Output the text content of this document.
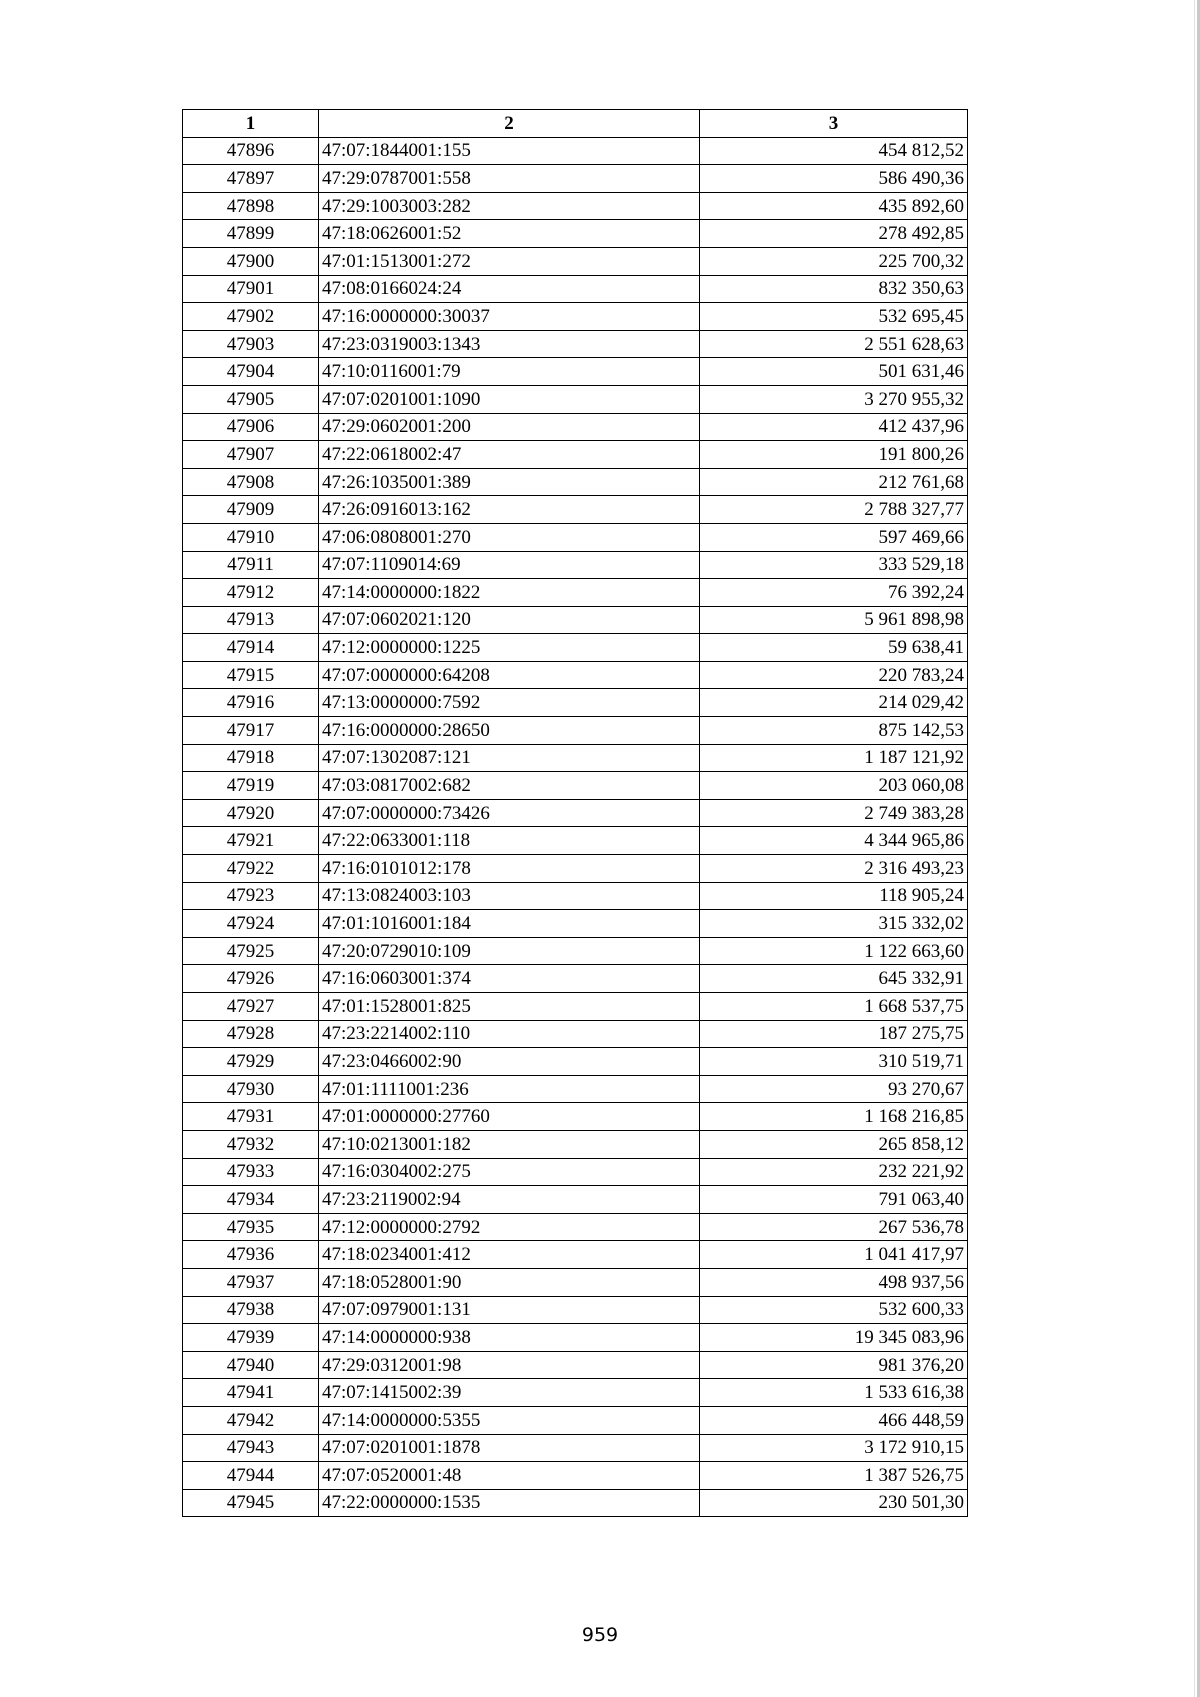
1	2	3
47896	47:07:1844001:155	454 812,52
47897	47:29:0787001:558	586 490,36
47898	47:29:1003003:282	435 892,60
47899	47:18:0626001:52	278 492,85
47900	47:01:1513001:272	225 700,32
47901	47:08:0166024:24	832 350,63
47902	47:16:0000000:30037	532 695,45
47903	47:23:0319003:1343	2 551 628,63
47904	47:10:0116001:79	501 631,46
47905	47:07:0201001:1090	3 270 955,32
47906	47:29:0602001:200	412 437,96
47907	47:22:0618002:47	191 800,26
47908	47:26:1035001:389	212 761,68
47909	47:26:0916013:162	2 788 327,77
47910	47:06:0808001:270	597 469,66
47911	47:07:1109014:69	333 529,18
47912	47:14:0000000:1822	76 392,24
47913	47:07:0602021:120	5 961 898,98
47914	47:12:0000000:1225	59 638,41
47915	47:07:0000000:64208	220 783,24
47916	47:13:0000000:7592	214 029,42
47917	47:16:0000000:28650	875 142,53
47918	47:07:1302087:121	1 187 121,92
47919	47:03:0817002:682	203 060,08
47920	47:07:0000000:73426	2 749 383,28
47921	47:22:0633001:118	4 344 965,86
47922	47:16:0101012:178	2 316 493,23
47923	47:13:0824003:103	118 905,24
47924	47:01:1016001:184	315 332,02
47925	47:20:0729010:109	1 122 663,60
47926	47:16:0603001:374	645 332,91
47927	47:01:1528001:825	1 668 537,75
47928	47:23:2214002:110	187 275,75
47929	47:23:0466002:90	310 519,71
47930	47:01:1111001:236	93 270,67
47931	47:01:0000000:27760	1 168 216,85
47932	47:10:0213001:182	265 858,12
47933	47:16:0304002:275	232 221,92
47934	47:23:2119002:94	791 063,40
47935	47:12:0000000:2792	267 536,78
47936	47:18:0234001:412	1 041 417,97
47937	47:18:0528001:90	498 937,56
47938	47:07:0979001:131	532 600,33
47939	47:14:0000000:938	19 345 083,96
47940	47:29:0312001:98	981 376,20
47941	47:07:1415002:39	1 533 616,38
47942	47:14:0000000:5355	466 448,59
47943	47:07:0201001:1878	3 172 910,15
47944	47:07:0520001:48	1 387 526,75
47945	47:22:0000000:1535	230 501,30
959
